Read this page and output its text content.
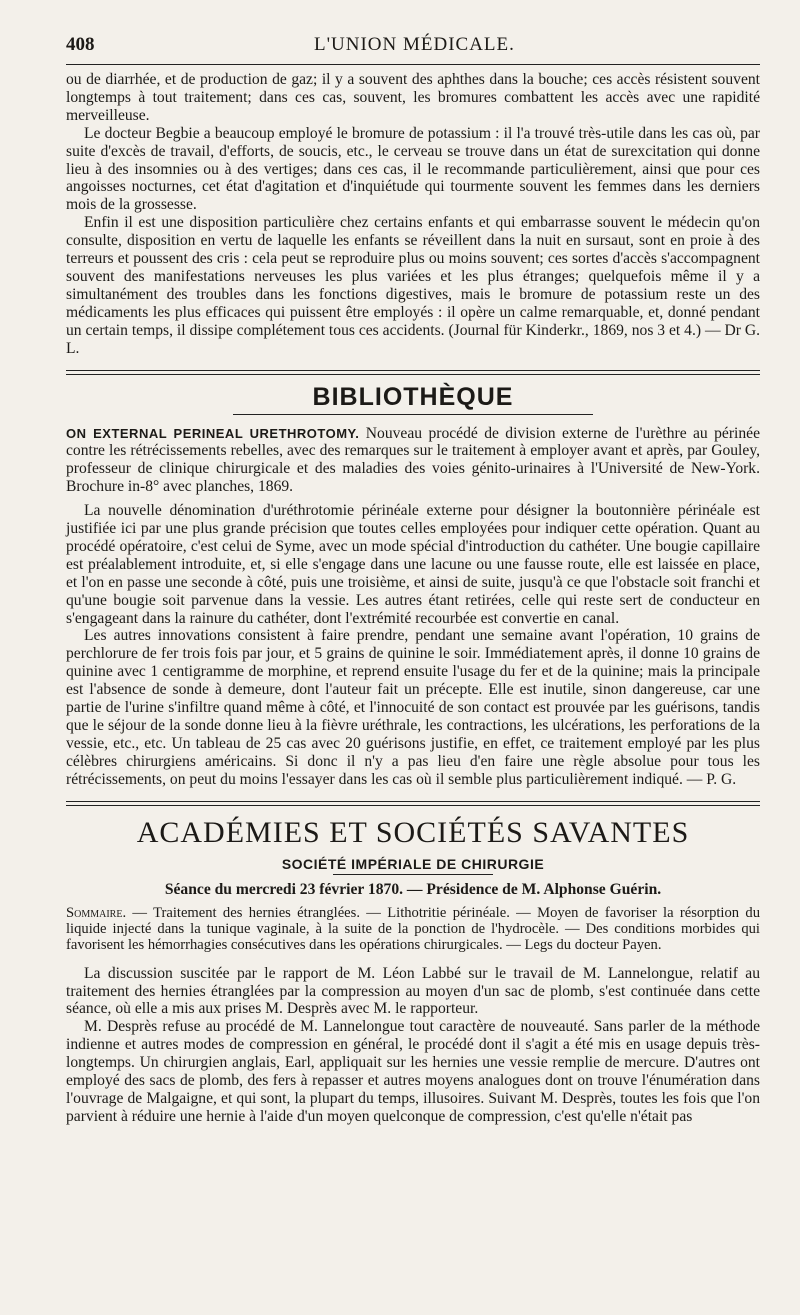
408	L'UNION MÉDICALE.

ou de diarrhée, et de production de gaz; il y a souvent des aphthes dans la bouche; ces accès résistent souvent longtemps à tout traitement; dans ces cas, souvent, les bromures combattent les accès avec une rapidité merveilleuse.

Le docteur Begbie a beaucoup employé le bromure de potassium : il l'a trouvé très-utile dans les cas où, par suite d'excès de travail, d'efforts, de soucis, etc., le cerveau se trouve dans un état de surexcitation qui donne lieu à des insomnies ou à des vertiges; dans ces cas, il le recommande particulièrement, ainsi que pour ces angoisses nocturnes, cet état d'agitation et d'inquiétude qui tourmente souvent les femmes dans les derniers mois de la grossesse.

Enfin il est une disposition particulière chez certains enfants et qui embarrasse souvent le médecin qu'on consulte, disposition en vertu de laquelle les enfants se réveillent dans la nuit en sursaut, sont en proie à des terreurs et poussent des cris : cela peut se reproduire plus ou moins souvent; ces sortes d'accès s'accompagnent souvent des manifestations nerveuses les plus variées et les plus étranges; quelquefois même il y a simultanément des troubles dans les fonctions digestives, mais le bromure de potassium reste un des médicaments les plus efficaces qui puissent être employés : il opère un calme remarquable, et, donné pendant un certain temps, il dissipe complétement tous ces accidents. (Journal für Kinderkr., 1869, nos 3 et 4.) — Dr G. L.

BIBLIOTHÈQUE

ON EXTERNAL PERINEAL URETHROTOMY. Nouveau procédé de division externe de l'urèthre au périnée contre les rétrécissements rebelles, avec des remarques sur le traitement à employer avant et après, par Gouley, professeur de clinique chirurgicale et des maladies des voies génito-urinaires à l'Université de New-York. Brochure in-8° avec planches, 1869.

La nouvelle dénomination d'uréthrotomie périnéale externe pour désigner la boutonnière périnéale est justifiée ici par une plus grande précision que toutes celles employées pour indiquer cette opération. Quant au procédé opératoire, c'est celui de Syme, avec un mode spécial d'introduction du cathéter. Une bougie capillaire est préalablement introduite, et, si elle s'engage dans une lacune ou une fausse route, elle est laissée en place, et l'on en passe une seconde à côté, puis une troisième, et ainsi de suite, jusqu'à ce que l'obstacle soit franchi et qu'une bougie soit parvenue dans la vessie. Les autres étant retirées, celle qui reste sert de conducteur en s'engageant dans la rainure du cathéter, dont l'extrémité recourbée est convertie en canal.

Les autres innovations consistent à faire prendre, pendant une semaine avant l'opération, 10 grains de perchlorure de fer trois fois par jour, et 5 grains de quinine le soir. Immédiatement après, il donne 10 grains de quinine avec 1 centigramme de morphine, et reprend ensuite l'usage du fer et de la quinine; mais la principale est l'absence de sonde à demeure, dont l'auteur fait un précepte. Elle est inutile, sinon dangereuse, car une partie de l'urine s'infiltre quand même à côté, et l'innocuité de son contact est prouvée par les guérisons, tandis que le séjour de la sonde donne lieu à la fièvre uréthrale, les contractions, les ulcérations, les perforations de la vessie, etc., etc. Un tableau de 25 cas avec 20 guérisons justifie, en effet, ce traitement employé par les plus célèbres chirurgiens américains. Si donc il n'y a pas lieu d'en faire une règle absolue pour tous les rétrécissements, on peut du moins l'essayer dans les cas où il semble plus particulièrement indiqué. — P. G.

ACADÉMIES ET SOCIÉTÉS SAVANTES
SOCIÉTÉ IMPÉRIALE DE CHIRURGIE
Séance du mercredi 23 février 1870. — Présidence de M. Alphonse Guérin.

Sommaire. — Traitement des hernies étranglées. — Lithotritie périnéale. — Moyen de favoriser la résorption du liquide injecté dans la tunique vaginale, à la suite de la ponction de l'hydrocèle. — Des conditions morbides qui favorisent les hémorrhagies consécutives dans les opérations chirurgicales. — Legs du docteur Payen.

La discussion suscitée par le rapport de M. Léon Labbé sur le travail de M. Lannelongue, relatif au traitement des hernies étranglées par la compression au moyen d'un sac de plomb, s'est continuée dans cette séance, où elle a mis aux prises M. Desprès avec M. le rapporteur.

M. Desprès refuse au procédé de M. Lannelongue tout caractère de nouveauté. Sans parler de la méthode indienne et autres modes de compression en général, le procédé dont il s'agit a été mis en usage depuis très-longtemps. Un chirurgien anglais, Earl, appliquait sur les hernies une vessie remplie de mercure. D'autres ont employé des sacs de plomb, des fers à repasser et autres moyens analogues dont on trouve l'énumération dans l'ouvrage de Malgaigne, et qui sont, la plupart du temps, illusoires. Suivant M. Desprès, toutes les fois que l'on parvient à réduire une hernie à l'aide d'un moyen quelconque de compression, c'est qu'elle n'était pas
